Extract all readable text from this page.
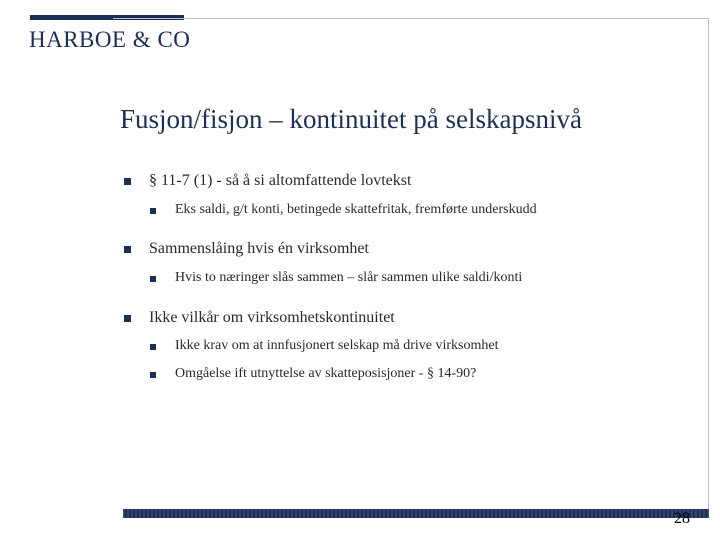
HARBOE & CO
Fusjon/fisjon – kontinuitet på selskapsnivå
§ 11-7 (1) - så å si altomfattende lovtekst
Eks saldi, g/t konti, betingede skattefritak, fremførte underskudd
Sammenslåing hvis én virksomhet
Hvis to næringer slås sammen – slår sammen ulike saldi/konti
Ikke vilkår om virksomhetskontinuitet
Ikke krav om at innfusjonert selskap må drive virksomhet
Omgåelse ift utnyttelse av skatteposisjoner - § 14-90?
28
